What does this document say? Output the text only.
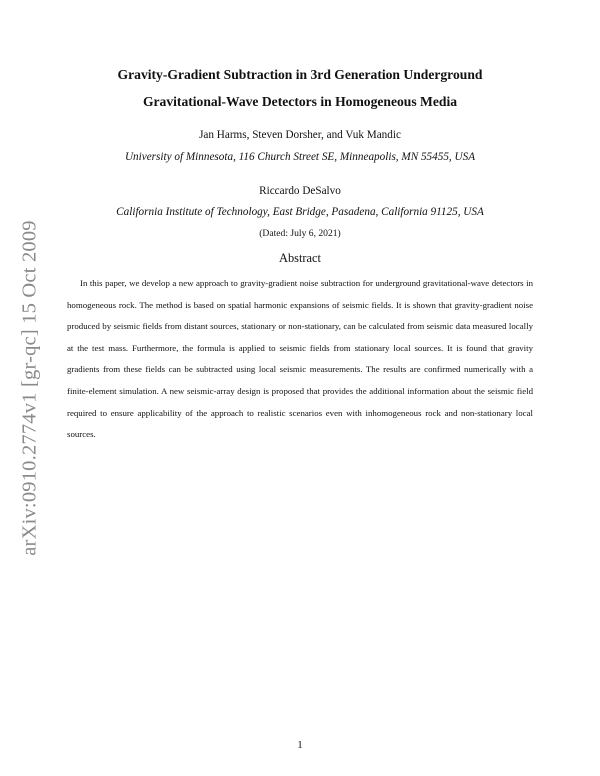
arXiv:0910.2774v1 [gr-qc] 15 Oct 2009
Gravity-Gradient Subtraction in 3rd Generation Underground
Gravitational-Wave Detectors in Homogeneous Media
Jan Harms, Steven Dorsher, and Vuk Mandic
University of Minnesota, 116 Church Street SE, Minneapolis, MN 55455, USA
Riccardo DeSalvo
California Institute of Technology, East Bridge, Pasadena, California 91125, USA
(Dated: July 6, 2021)
Abstract

In this paper, we develop a new approach to gravity-gradient noise subtraction for underground gravitational-wave detectors in homogeneous rock. The method is based on spatial harmonic expansions of seismic fields. It is shown that gravity-gradient noise produced by seismic fields from distant sources, stationary or non-stationary, can be calculated from seismic data measured locally at the test mass. Furthermore, the formula is applied to seismic fields from stationary local sources. It is found that gravity gradients from these fields can be subtracted using local seismic measurements. The results are confirmed numerically with a finite-element simulation. A new seismic-array design is proposed that provides the additional information about the seismic field required to ensure applicability of the approach to realistic scenarios even with inhomogeneous rock and non-stationary local sources.

1
